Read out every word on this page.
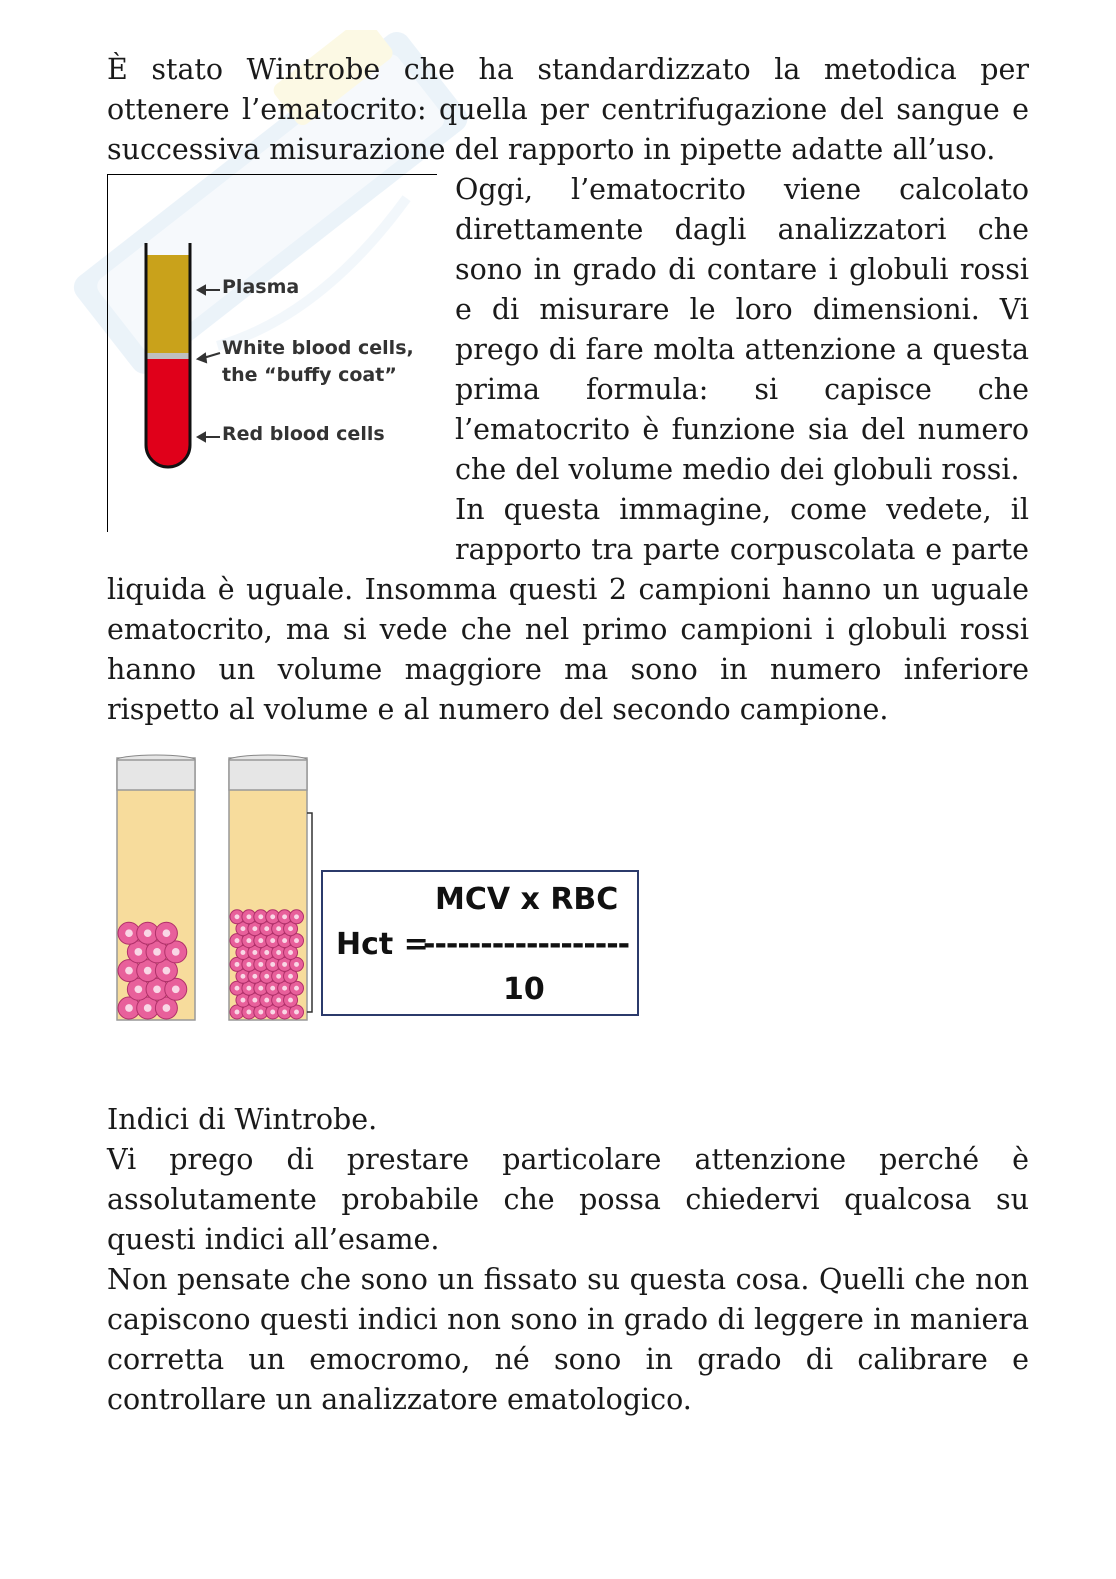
È stato Wintrobe che ha standardizzato la metodica per ottenere l’ematocrito: quella per centrifugazione del sangue e successiva misurazione del rapporto in pipette adatte all’uso.

Plasma
White blood cells,
the “buffy coat”
Red blood cells

Oggi, l’ematocrito viene calcolato direttamente dagli analizzatori che sono in grado di contare i globuli rossi e di misurare le loro dimensioni. Vi prego di fare molta attenzione a questa prima formula: si capisce che l’ematocrito è funzione sia del numero che del volume medio dei globuli rossi.

In questa immagine, come vedete, il rapporto tra parte corpuscolata e parte liquida è uguale. Insomma questi 2 campioni hanno un uguale ematocrito, ma si vede che nel primo campioni i globuli rossi hanno un volume maggiore ma sono in numero inferiore rispetto al volume e al numero del secondo campione.

MCV x RBC
Hct =
------------------
10

Indici di Wintrobe.

Vi prego di prestare particolare attenzione perché è assolutamente probabile che possa chiedervi qualcosa su questi indici all’esame.

Non pensate che sono un fissato su questa cosa. Quelli che non capiscono questi indici non sono in grado di leggere in maniera corretta un emocromo, né sono in grado di calibrare e controllare un analizzatore ematologico.
